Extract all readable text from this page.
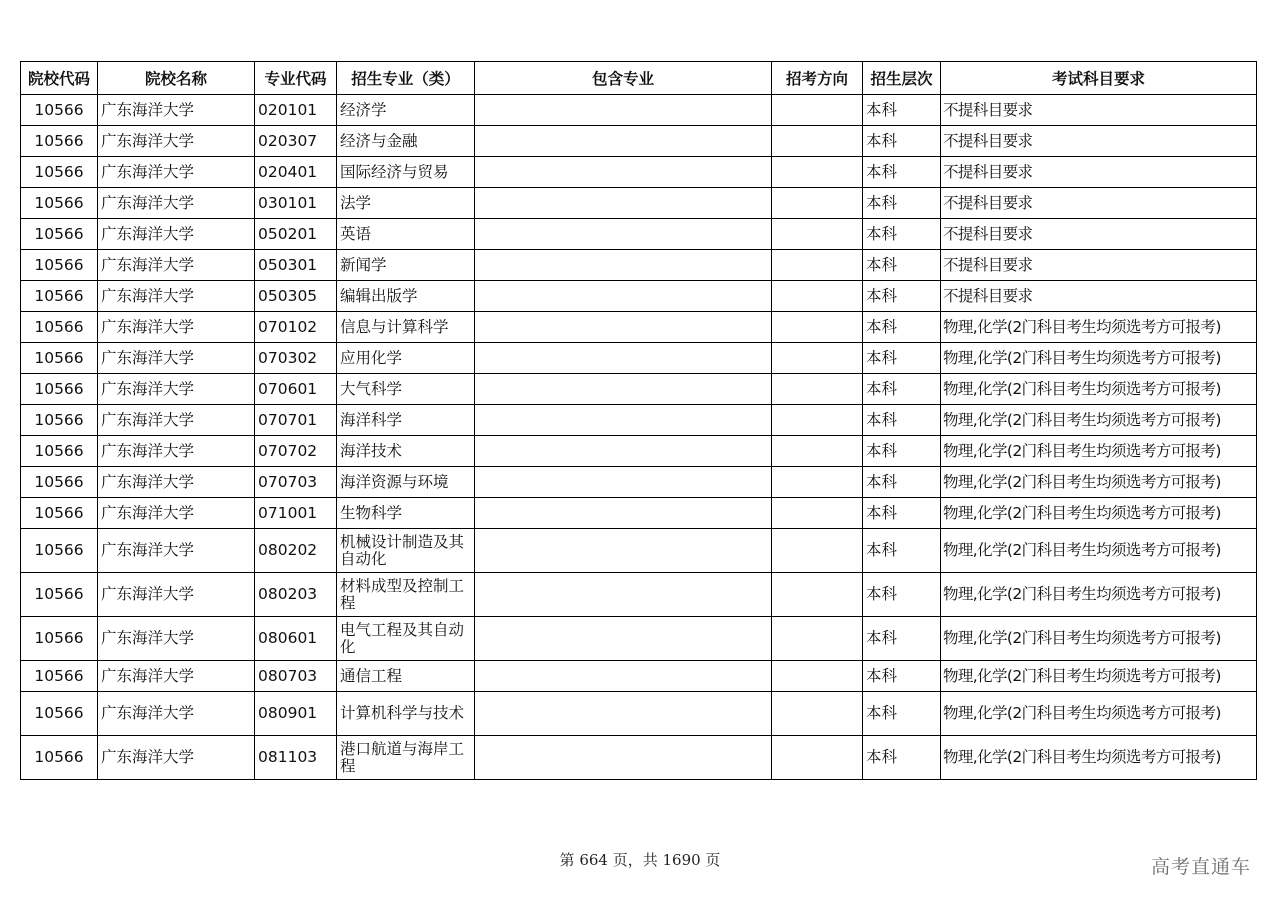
院校代码	院校名称	专业代码	招生专业（类）	包含专业	招考方向	招生层次	考试科目要求
10566	广东海洋大学	020101	经济学			本科	不提科目要求
10566	广东海洋大学	020307	经济与金融			本科	不提科目要求
10566	广东海洋大学	020401	国际经济与贸易			本科	不提科目要求
10566	广东海洋大学	030101	法学			本科	不提科目要求
10566	广东海洋大学	050201	英语			本科	不提科目要求
10566	广东海洋大学	050301	新闻学			本科	不提科目要求
10566	广东海洋大学	050305	编辑出版学			本科	不提科目要求
10566	广东海洋大学	070102	信息与计算科学			本科	物理,化学(2门科目考生均须选考方可报考)
10566	广东海洋大学	070302	应用化学			本科	物理,化学(2门科目考生均须选考方可报考)
10566	广东海洋大学	070601	大气科学			本科	物理,化学(2门科目考生均须选考方可报考)
10566	广东海洋大学	070701	海洋科学			本科	物理,化学(2门科目考生均须选考方可报考)
10566	广东海洋大学	070702	海洋技术			本科	物理,化学(2门科目考生均须选考方可报考)
10566	广东海洋大学	070703	海洋资源与环境			本科	物理,化学(2门科目考生均须选考方可报考)
10566	广东海洋大学	071001	生物科学			本科	物理,化学(2门科目考生均须选考方可报考)
10566	广东海洋大学	080202	机械设计制造及其自动化			本科	物理,化学(2门科目考生均须选考方可报考)
10566	广东海洋大学	080203	材料成型及控制工程			本科	物理,化学(2门科目考生均须选考方可报考)
10566	广东海洋大学	080601	电气工程及其自动化			本科	物理,化学(2门科目考生均须选考方可报考)
10566	广东海洋大学	080703	通信工程			本科	物理,化学(2门科目考生均须选考方可报考)
10566	广东海洋大学	080901	计算机科学与技术			本科	物理,化学(2门科目考生均须选考方可报考)
10566	广东海洋大学	081103	港口航道与海岸工程			本科	物理,化学(2门科目考生均须选考方可报考)
第 664 页，共 1690 页	高考直通车
